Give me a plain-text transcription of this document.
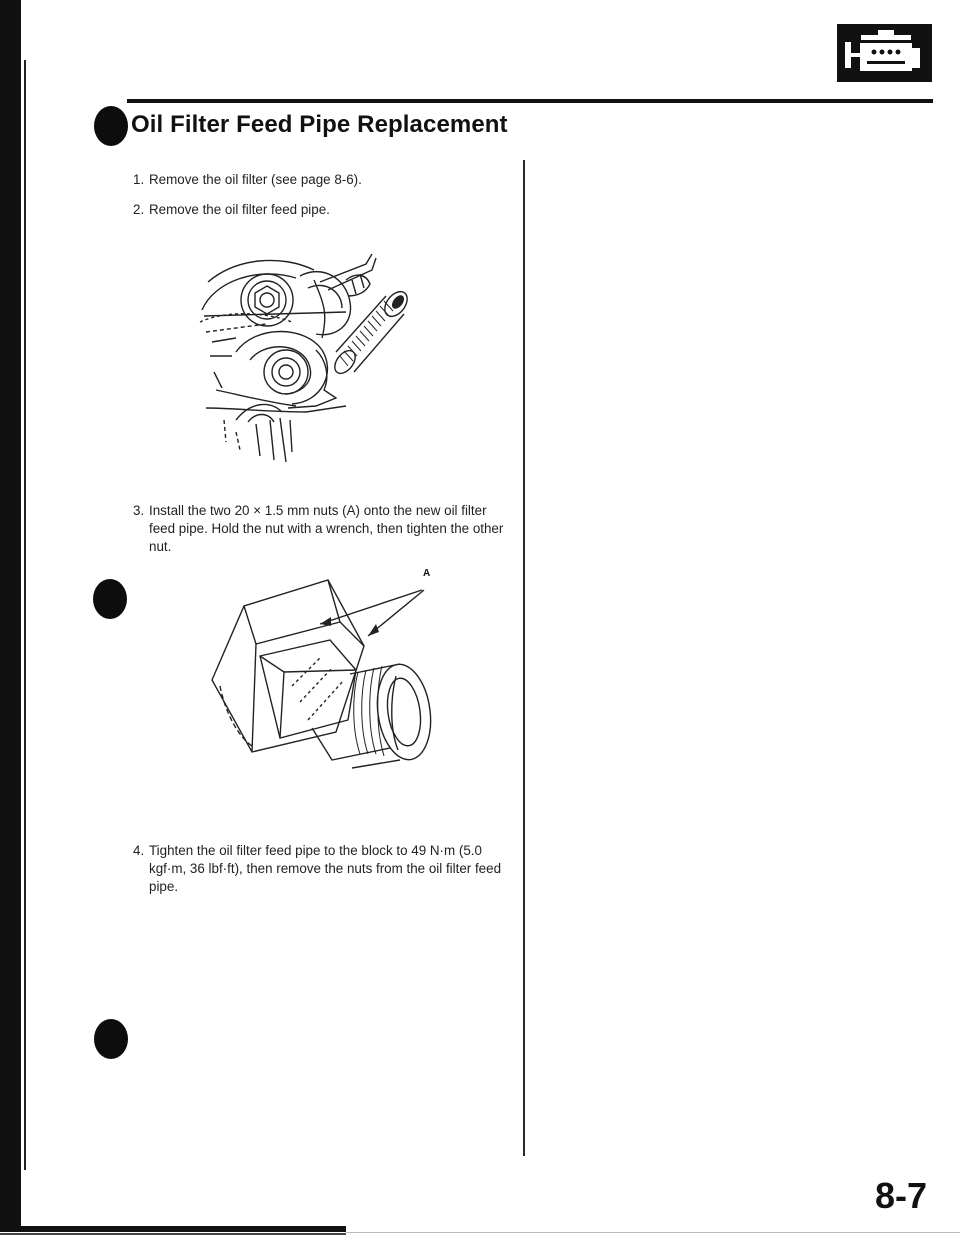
Oil Filter Feed Pipe Replacement
1. Remove the oil filter (see page 8-6).
2. Remove the oil filter feed pipe.
3. Install the two 20 × 1.5 mm nuts (A) onto the new oil filter feed pipe. Hold the nut with a wrench, then tighten the other nut.
A
4. Tighten the oil filter feed pipe to the block to 49 N·m (5.0 kgf·m, 36 lbf·ft), then remove the nuts from the oil filter feed pipe.
8-7
